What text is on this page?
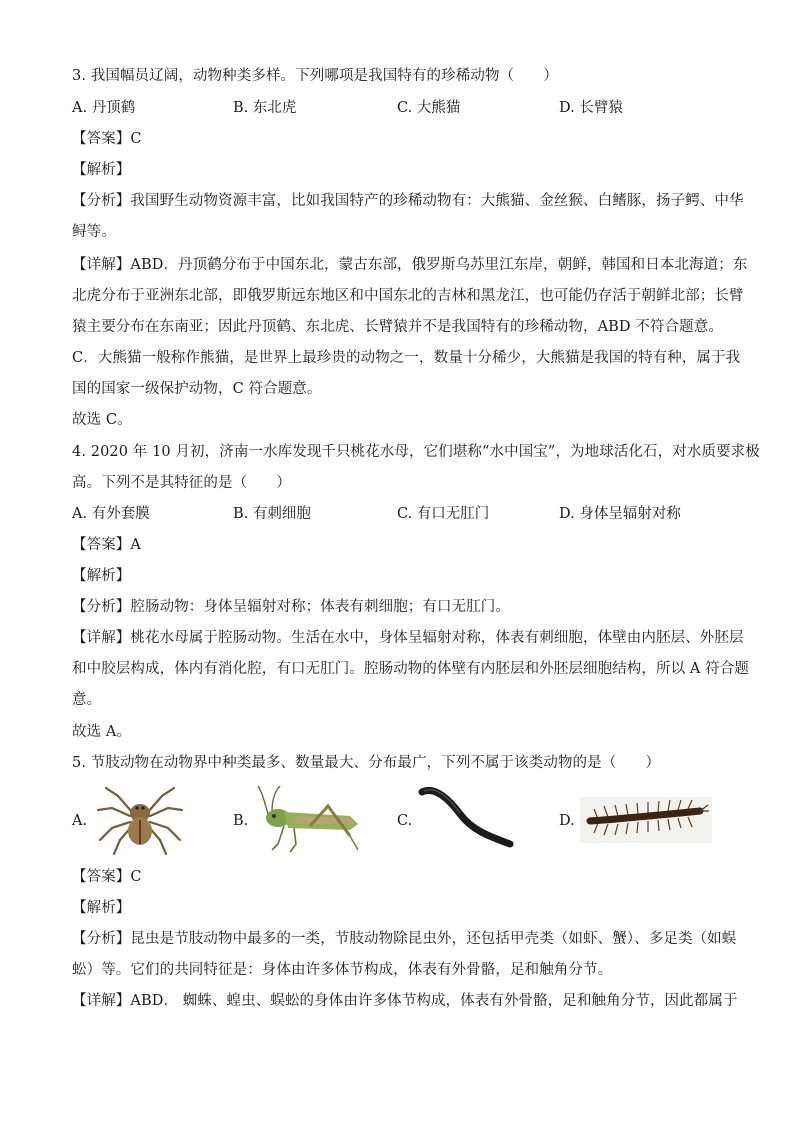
3. 我国幅员辽阔，动物种类多样。下列哪项是我国特有的珍稀动物（　　）
A. 丹顶鹤	B. 东北虎	C. 大熊猫	D. 长臂猿
【答案】C
【解析】
【分析】我国野生动物资源丰富，比如我国特产的珍稀动物有：大熊猫、金丝猴、白鳍豚，扬子鳄、中华
鲟等。
【详解】ABD．丹顶鹤分布于中国东北，蒙古东部，俄罗斯乌苏里江东岸，朝鲜，韩国和日本北海道；东
北虎分布于亚洲东北部，即俄罗斯远东地区和中国东北的吉林和黑龙江，也可能仍存活于朝鲜北部；长臂
猿主要分布在东南亚；因此丹顶鹤、东北虎、长臂猿并不是我国特有的珍稀动物，ABD 不符合题意。
C．大熊猫一般称作熊猫，是世界上最珍贵的动物之一，数量十分稀少，大熊猫是我国的特有种，属于我
国的国家一级保护动物，C 符合题意。
故选 C。
4. 2020 年 10 月初，济南一水库发现千只桃花水母，它们堪称“水中国宝”，为地球活化石，对水质要求极
高。下列不是其特征的是（　　）
A. 有外套膜	B. 有刺细胞	C. 有口无肛门	D. 身体呈辐射对称
【答案】A
【解析】
【分析】腔肠动物：身体呈辐射对称；体表有刺细胞；有口无肛门。
【详解】桃花水母属于腔肠动物。生活在水中，身体呈辐射对称，体表有刺细胞，体壁由内胚层、外胚层
和中胶层构成，体内有消化腔，有口无肛门。腔肠动物的体壁有内胚层和外胚层细胞结构，所以 A 符合题
意。
故选 A。
5. 节肢动物在动物界中种类最多、数量最大、分布最广，下列不属于该类动物的是（　　）
A.	B.	C.	D.
【答案】C
【解析】
【分析】昆虫是节肢动物中最多的一类，节肢动物除昆虫外，还包括甲壳类（如虾、蟹）、多足类（如蜈
蚣）等。它们的共同特征是：身体由许多体节构成，体表有外骨骼，足和触角分节。
【详解】ABD． 蜘蛛、蝗虫、蜈蚣的身体由许多体节构成，体表有外骨骼，足和触角分节，因此都属于
